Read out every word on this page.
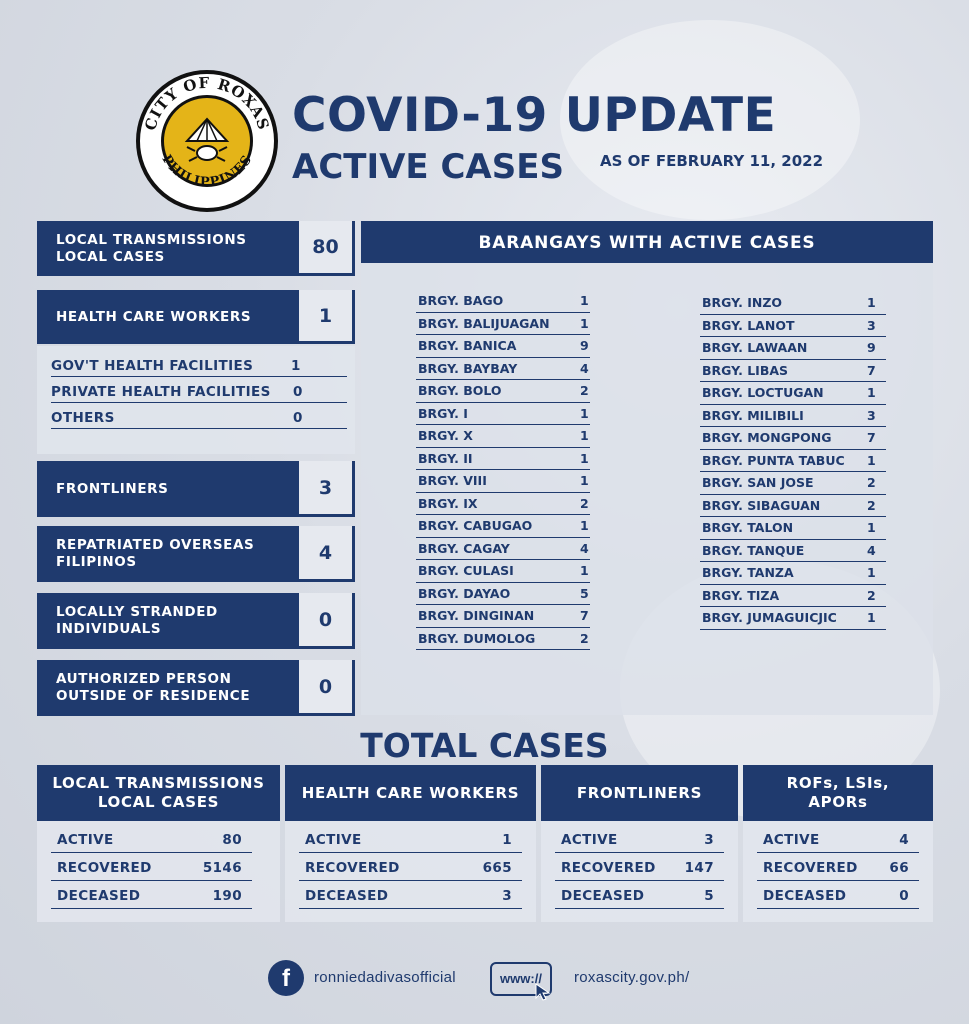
CITY OF ROXAS
PHILIPPINES
COVID-19 UPDATE
ACTIVE CASES AS OF FEBRUARY 11, 2022
LOCAL TRANSMISSIONS
LOCAL CASES	80
HEALTH CARE WORKERS	1
GOV'T HEALTH FACILITIES	1
PRIVATE HEALTH FACILITIES 0
OTHERS	0
FRONTLINERS	3
REPATRIATED OVERSEAS
FILIPINOS	4
LOCALLY STRANDED
INDIVIDUALS	0
AUTHORIZED PERSON
OUTSIDE OF RESIDENCE	0
BARANGAYS WITH ACTIVE CASES
BRGY. BAGO	1
BRGY. BALIJUAGAN 1
BRGY. BANICA	9
BRGY. BAYBAY	4
BRGY. BOLO	2
BRGY. I	1
BRGY. X	1
BRGY. II	1
BRGY. VIII	1
BRGY. IX	2
BRGY. CABUGAO	1
BRGY. CAGAY	4
BRGY. CULASI	1
BRGY. DAYAO	5
BRGY. DINGINAN	7
BRGY. DUMOLOG	2
BRGY. INZO	1
BRGY. LANOT	3
BRGY. LAWAAN	9
BRGY. LIBAS	7
BRGY. LOCTUGAN	1
BRGY. MILIBILI	3
BRGY. MONGPONG	7
BRGY. PUNTA TABUC 1
BRGY. SAN JOSE	2
BRGY. SIBAGUAN	2
BRGY. TALON	1
BRGY. TANQUE	4
BRGY. TANZA	1
BRGY. TIZA	2
BRGY. JUMAGUICJIC 1
TOTAL CASES
LOCAL TRANSMISSIONS
LOCAL CASES
ACTIVE	80
RECOVERED	5146
DECEASED	190
HEALTH CARE WORKERS
ACTIVE	1
RECOVERED	665
DECEASED	3
FRONTLINERS
ACTIVE	3
RECOVERED 147
DECEASED	5
ROFs, LSIs,
APORs
ACTIVE	4
RECOVERED 66
DECEASED	0
f	ronniedadivasofficial	www://	roxascity.gov.ph/
